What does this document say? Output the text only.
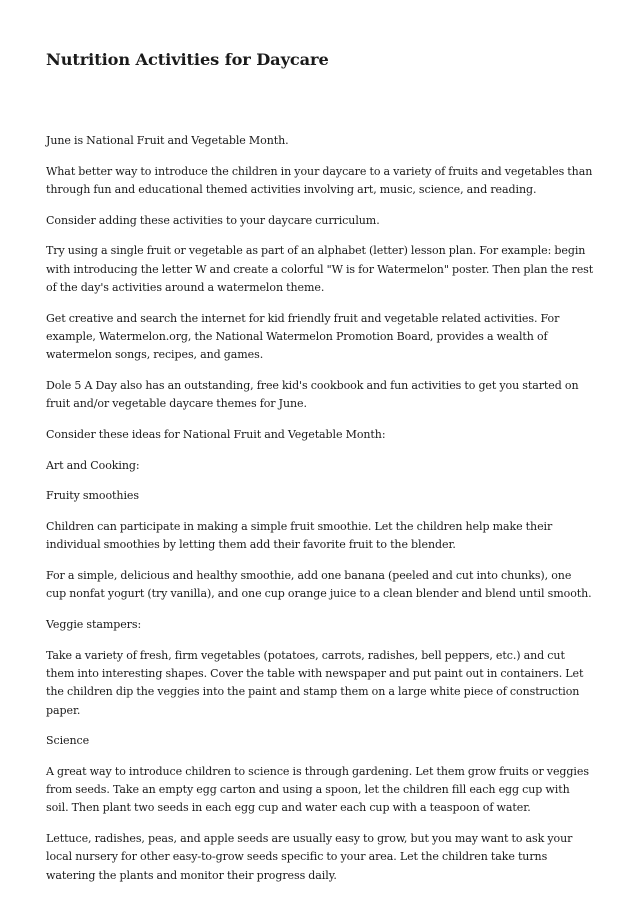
Nutrition Activities for Daycare

June is National Fruit and Vegetable Month.

What better way to introduce the children in your daycare to a variety of fruits and vegetables than through fun and educational themed activities involving art, music, science, and reading.

Consider adding these activities to your daycare curriculum.

Try using a single fruit or vegetable as part of an alphabet (letter) lesson plan. For example: begin with introducing the letter W and create a colorful "W is for Watermelon" poster. Then plan the rest of the day's activities around a watermelon theme.

Get creative and search the internet for kid friendly fruit and vegetable related activities. For example, Watermelon.org, the National Watermelon Promotion Board, provides a wealth of watermelon songs, recipes, and games.

Dole 5 A Day also has an outstanding, free kid's cookbook and fun activities to get you started on fruit and/or vegetable daycare themes for June.

Consider these ideas for National Fruit and Vegetable Month:

Art and Cooking:

Fruity smoothies

Children can participate in making a simple fruit smoothie. Let the children help make their individual smoothies by letting them add their favorite fruit to the blender.

For a simple, delicious and healthy smoothie, add one banana (peeled and cut into chunks), one cup nonfat yogurt (try vanilla), and one cup orange juice to a clean blender and blend until smooth.

Veggie stampers:

Take a variety of fresh, firm vegetables (potatoes, carrots, radishes, bell peppers, etc.) and cut them into interesting shapes. Cover the table with newspaper and put paint out in containers. Let the children dip the veggies into the paint and stamp them on a large white piece of construction paper.

Science

A great way to introduce children to science is through gardening. Let them grow fruits or veggies from seeds. Take an empty egg carton and using a spoon, let the children fill each egg cup with soil. Then plant two seeds in each egg cup and water each cup with a teaspoon of water.

Lettuce, radishes, peas, and apple seeds are usually easy to grow, but you may want to ask your local nursery for other easy-to-grow seeds specific to your area. Let the children take turns watering the plants and monitor their progress daily.
